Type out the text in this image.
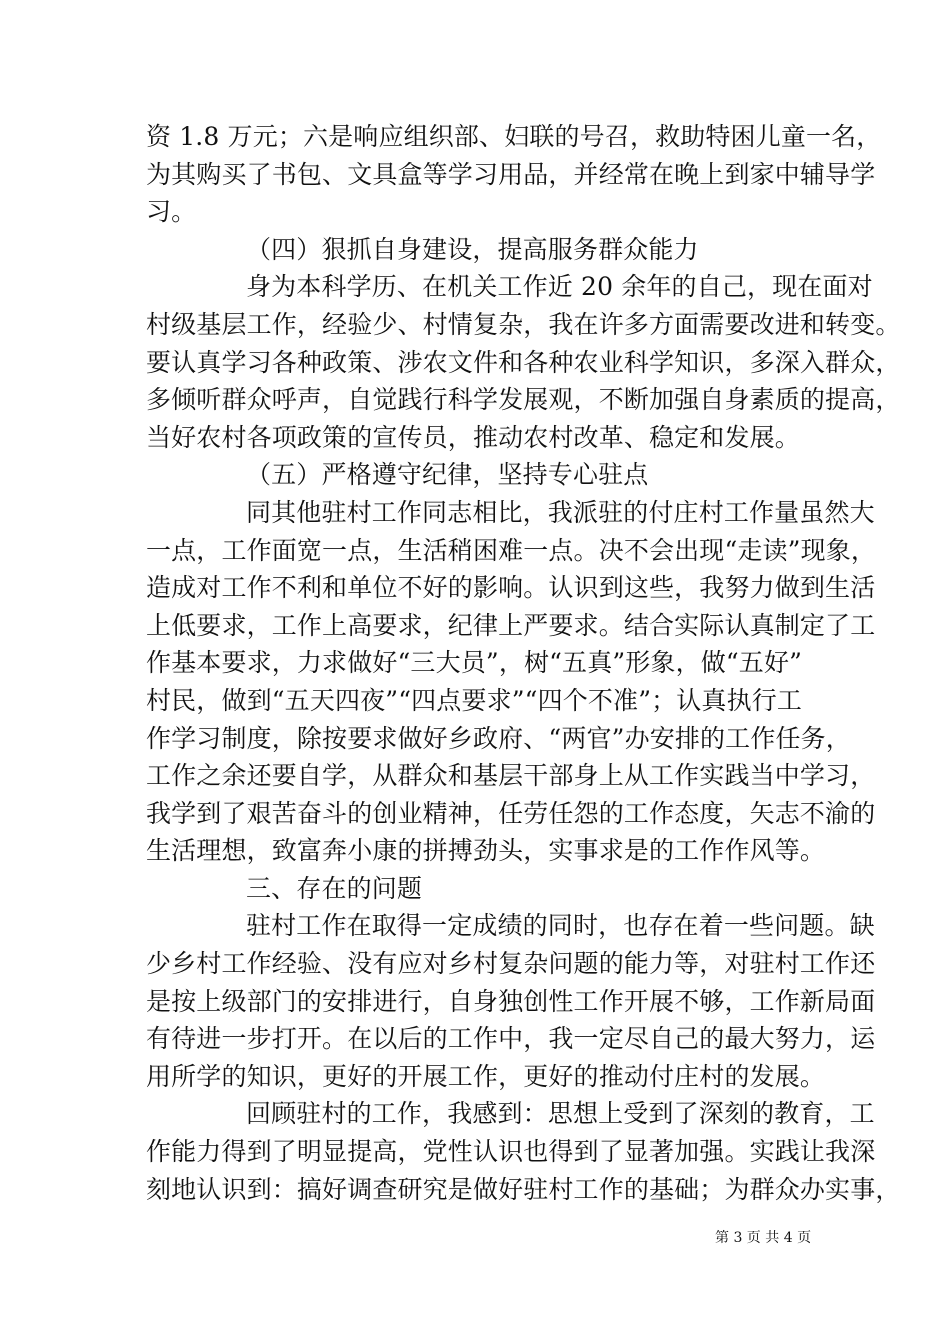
资 1.8 万元；六是响应组织部、妇联的号召，救助特困儿童一名，
为其购买了书包、文具盒等学习用品，并经常在晚上到家中辅导学
习。
（四）狠抓自身建设，提高服务群众能力
身为本科学历、在机关工作近 20 余年的自己，现在面对
村级基层工作，经验少、村情复杂，我在许多方面需要改进和转变。
要认真学习各种政策、涉农文件和各种农业科学知识，多深入群众，
多倾听群众呼声，自觉践行科学发展观，不断加强自身素质的提高，
当好农村各项政策的宣传员，推动农村改革、稳定和发展。
（五）严格遵守纪律，坚持专心驻点
同其他驻村工作同志相比，我派驻的付庄村工作量虽然大
一点，工作面宽一点，生活稍困难一点。决不会出现“走读”现象，
造成对工作不利和单位不好的影响。认识到这些，我努力做到生活
上低要求，工作上高要求，纪律上严要求。结合实际认真制定了工
作基本要求，力求做好“三大员”，树“五真”形象，做“五好”
村民，做到“五天四夜”“四点要求”“四个不准”；认真执行工
作学习制度，除按要求做好乡政府、“两官”办安排的工作任务，
工作之余还要自学，从群众和基层干部身上从工作实践当中学习，
我学到了艰苦奋斗的创业精神，任劳任怨的工作态度，矢志不渝的
生活理想，致富奔小康的拼搏劲头，实事求是的工作作风等。
三、存在的问题
驻村工作在取得一定成绩的同时，也存在着一些问题。缺
少乡村工作经验、没有应对乡村复杂问题的能力等，对驻村工作还
是按上级部门的安排进行，自身独创性工作开展不够，工作新局面
有待进一步打开。在以后的工作中，我一定尽自己的最大努力，运
用所学的知识，更好的开展工作，更好的推动付庄村的发展。
回顾驻村的工作，我感到：思想上受到了深刻的教育，工
作能力得到了明显提高，党性认识也得到了显著加强。实践让我深
刻地认识到：搞好调查研究是做好驻村工作的基础；为群众办实事，
第 3 页 共 4 页
